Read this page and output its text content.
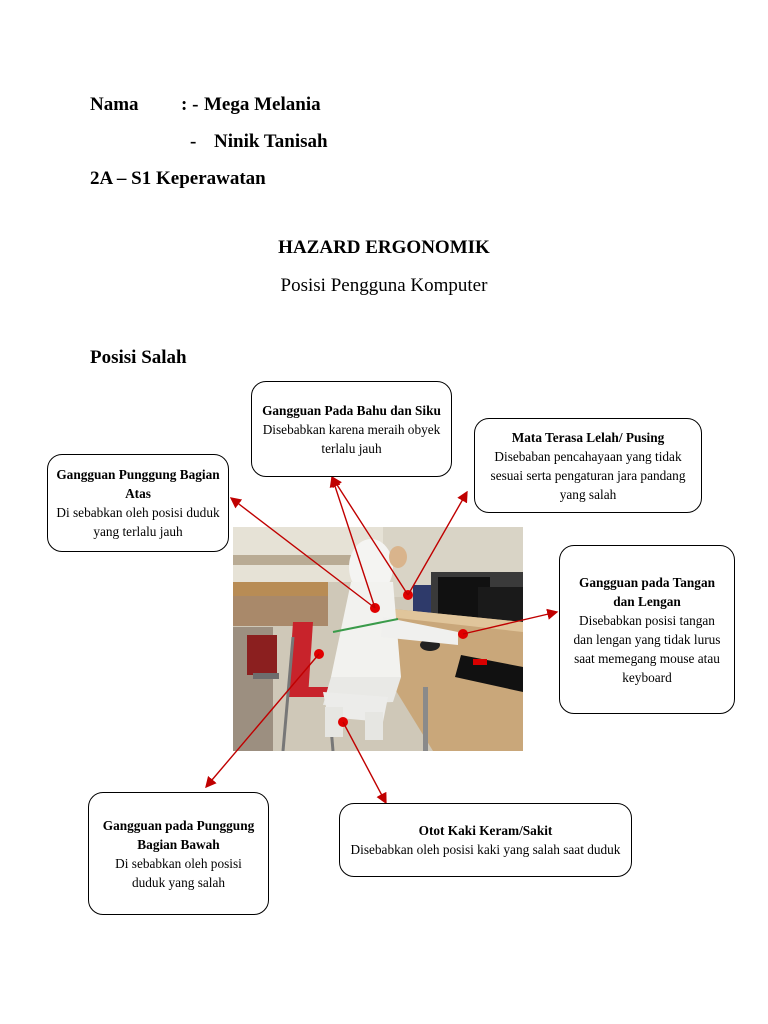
Nama : - Mega Melania
- Ninik Tanisah
2A – S1 Keperawatan
HAZARD ERGONOMIK
Posisi Pengguna Komputer
Posisi Salah
Gangguan Pada Bahu dan Siku
Disebabkan karena meraih obyek terlalu jauh
Mata Terasa Lelah/ Pusing
Disebaban pencahayaan yang tidak sesuai serta pengaturan jara pandang yang salah
Gangguan Punggung Bagian Atas
Di sebabkan oleh posisi duduk yang terlalu jauh
Gangguan pada Tangan dan Lengan
Disebabkan posisi tangan dan lengan yang tidak lurus saat memegang mouse atau keyboard
Gangguan pada Punggung Bagian Bawah
Di sebabkan oleh posisi duduk yang salah
Otot Kaki Keram/Sakit
Disebabkan oleh posisi kaki yang salah saat duduk
